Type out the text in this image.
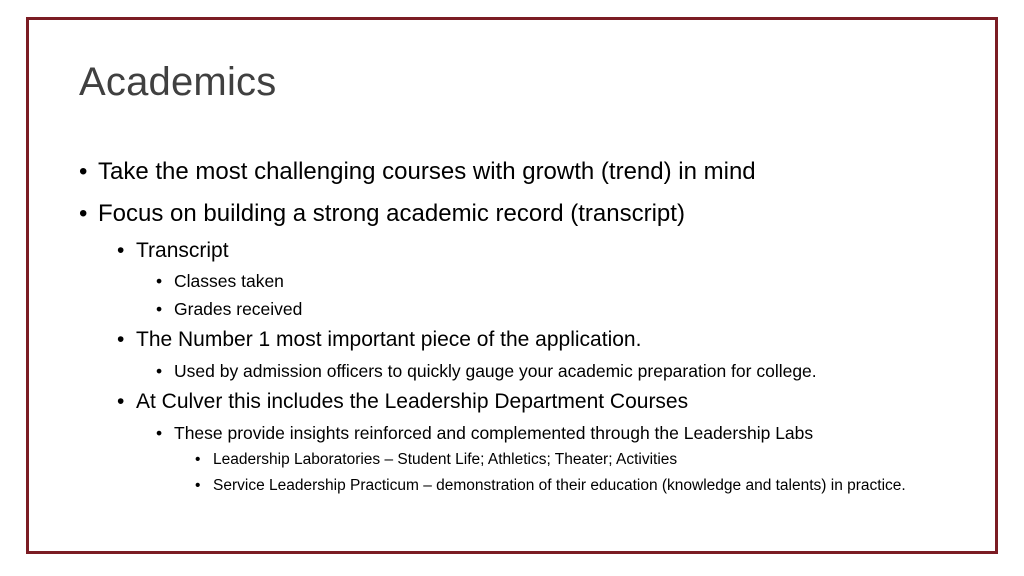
Academics
• Take the most challenging courses with growth (trend) in mind
• Focus on building a strong academic record (transcript)
• Transcript
• Classes taken
• Grades received
• The Number 1 most important piece of the application.
• Used by admission officers to quickly gauge your academic preparation for college.
• At Culver this includes the Leadership Department Courses
• These provide insights reinforced and complemented through the Leadership Labs
• Leadership Laboratories – Student Life; Athletics; Theater; Activities
• Service Leadership Practicum – demonstration of their education (knowledge and talents) in practice.
